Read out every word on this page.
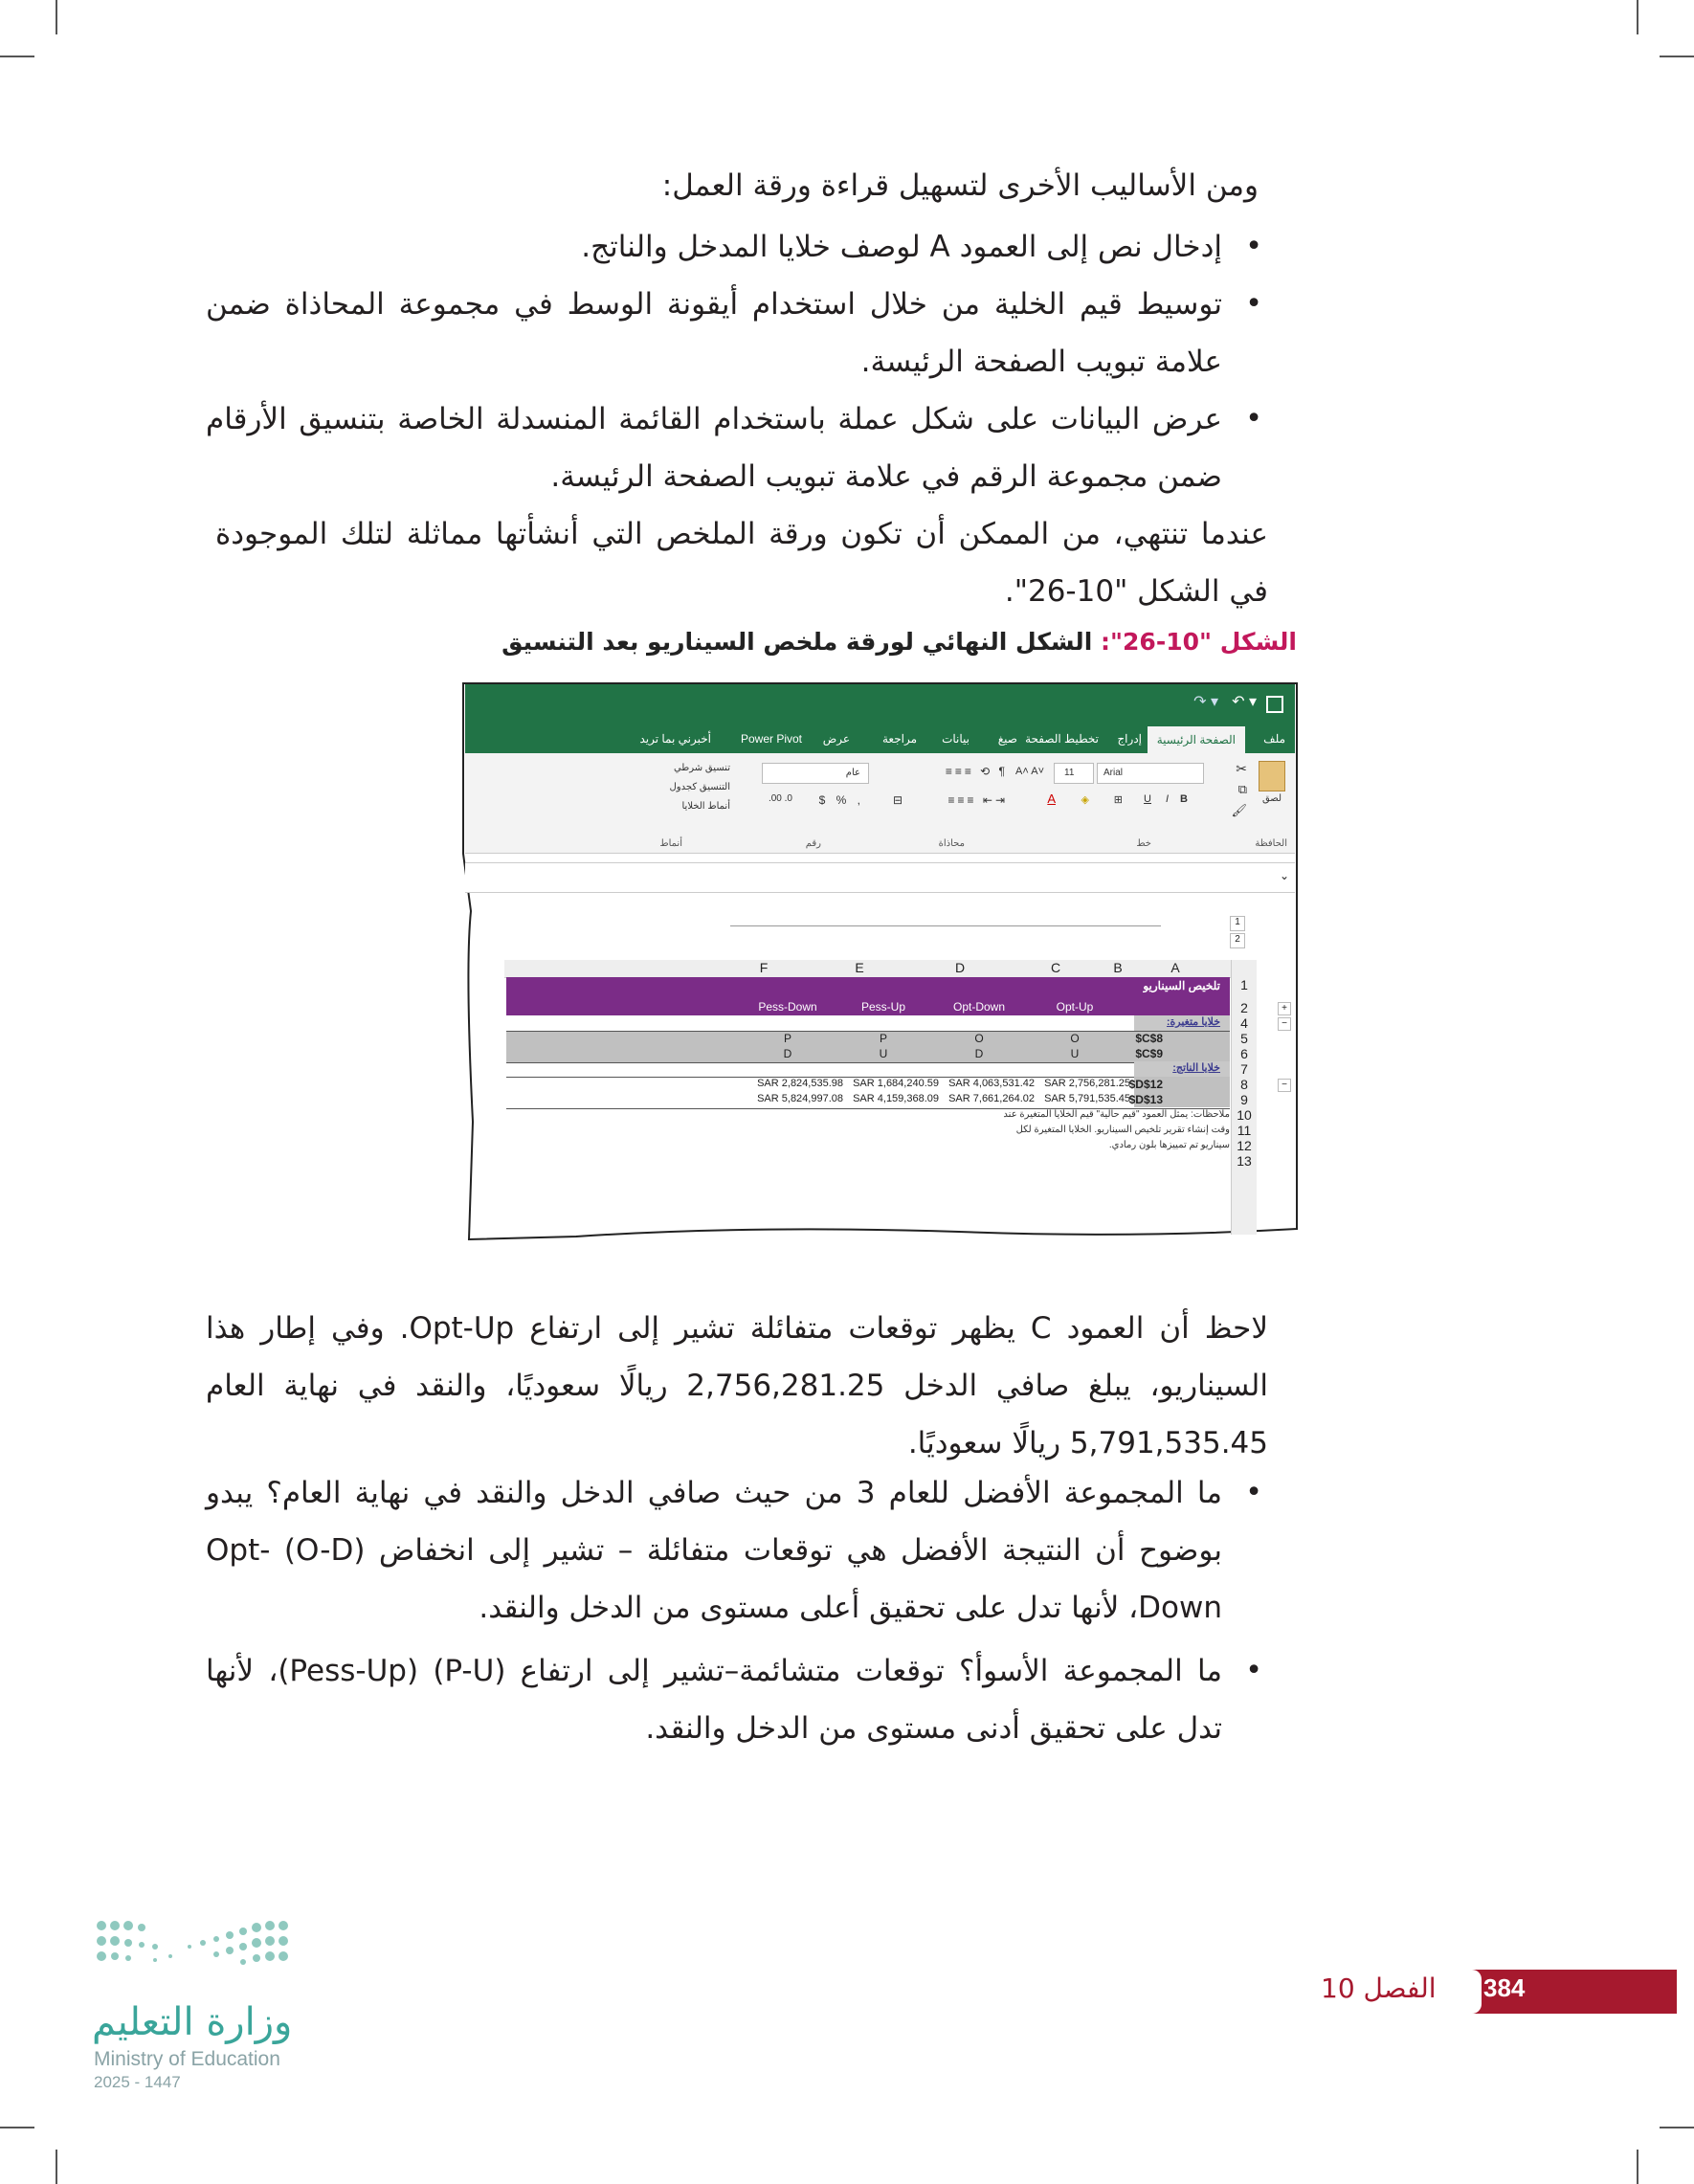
ومن الأساليب الأخرى لتسهيل قراءة ورقة العمل:
• إدخال نص إلى العمود A لوصف خلايا المدخل والناتج.
• توسيط قيم الخلية من خلال استخدام أيقونة الوسط في مجموعة المحاذاة ضمن علامة تبويب الصفحة الرئيسة.
• عرض البيانات على شكل عملة باستخدام القائمة المنسدلة الخاصة بتنسيق الأرقام ضمن مجموعة الرقم في علامة تبويب الصفحة الرئيسة.
عندما تنتهي، من الممكن أن تكون ورقة الملخص التي أنشأتها مماثلة لتلك الموجودة في الشكل "10-26".
الشكل "10-26": الشكل النهائي لورقة ملخص السيناريو بعد التنسيق
↶ ▾
↷ ▾
ملف
الصفحة الرئيسية
إدراج
تخطيط الصفحة
صيغ
بيانات
مراجعة
عرض
Power Pivot
أخبرني بما تريد
لصق
✂
⧉
🖌
الحافظة
Arial
11
A˄ A˅
B
I
U
⊞
◈
A
خط
≡≡≡ ⟲ ¶
≡≡≡ ⇤⇥
⊟
محاذاة
عام
$ % ,
.00 .0
رقم
تنسيق شرطي
التنسيق كجدول
أنماط الخلايا
أنماط
⌄
1
2
A
B
C
D
E
F
1
2
4
5
6
7
8
9
10
11
12
13
+
−
−
تلخيص السيناريو
Opt-Up
Opt-Down
Pess-Up
Pess-Down
خلايا متغيرة:
$C$8
O
O
P
P
$C$9
U
D
U
D
خلايا الناتج:
$D$12
SAR 2,756,281.25
SAR 4,063,531.42
SAR 1,684,240.59
SAR 2,824,535.98
$D$13
SAR 5,791,535.45
SAR 7,661,264.02
SAR 4,159,368.09
SAR 5,824,997.08
ملاحظات: يمثل العمود "قيم حالية" قيم الخلايا المتغيرة عند
وقت إنشاء تقرير تلخيص السيناريو. الخلايا المتغيرة لكل
سيناريو تم تمييزها بلون رمادي.
لاحظ أن العمود C يظهر توقعات متفائلة تشير إلى ارتفاع Opt-Up. وفي إطار هذا السيناريو، يبلغ صافي الدخل 2,756,281.25 ريالًا سعوديًا، والنقد في نهاية العام 5,791,535.45 ريالًا سعوديًا.
• ما المجموعة الأفضل للعام 3 من حيث صافي الدخل والنقد في نهاية العام؟ يبدو بوضوح أن النتيجة الأفضل هي توقعات متفائلة – تشير إلى انخفاض (O-D) Opt-Down، لأنها تدل على تحقيق أعلى مستوى من الدخل والنقد.
• ما المجموعة الأسوأ؟ توقعات متشائمة–تشير إلى ارتفاع (P-U) (Pess-Up)، لأنها تدل على تحقيق أدنى مستوى من الدخل والنقد.
384
الفصل 10
وزارة التعليم
Ministry of Education
2025 - 1447
